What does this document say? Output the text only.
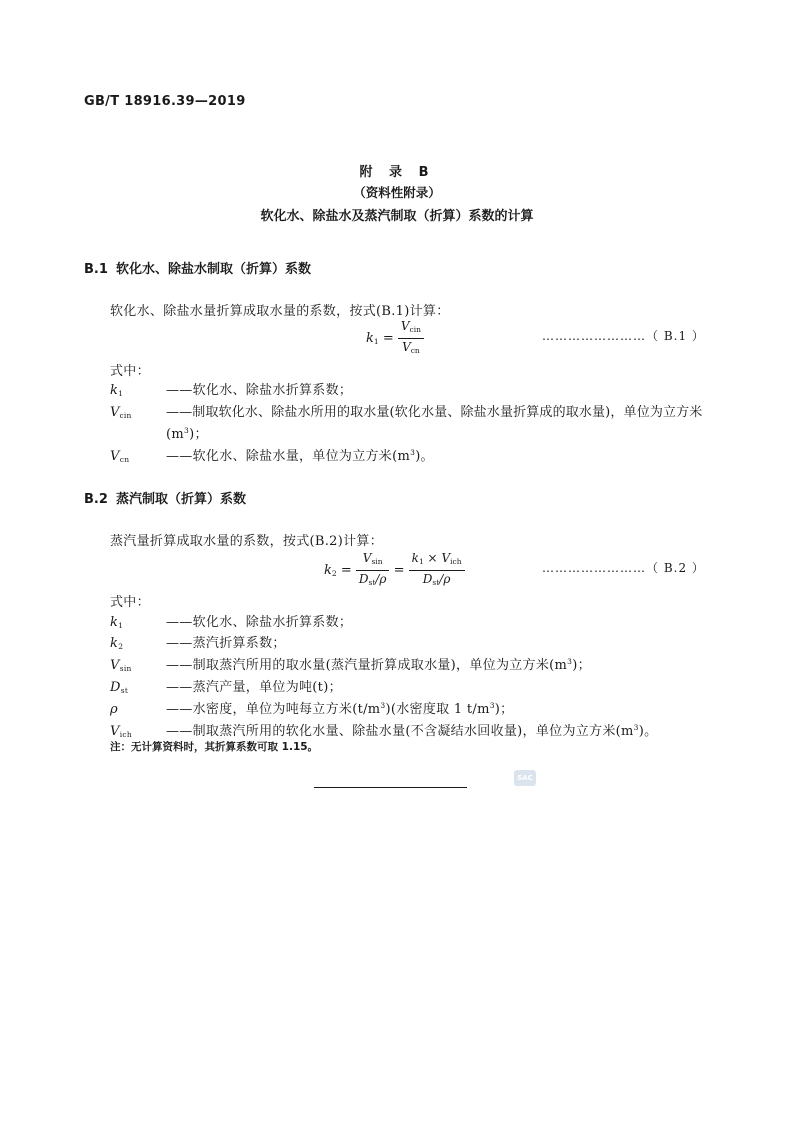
GB/T 18916.39—2019
附 录 B
（资料性附录）
软化水、除盐水及蒸汽制取（折算）系数的计算
B.1 软化水、除盐水制取（折算）系数
软化水、除盐水量折算成取水量的系数，按式(B.1)计算：
$k_1 = \frac{V_{cin}}{V_{cn}}$	……………………（ B.1 ）
式中：
$k_1$	——软化水、除盐水折算系数；
$V_{cin}$	——制取软化水、除盐水所用的取水量(软化水量、除盐水量折算成的取水量)，单位为立方米
$(m^3)$；
$V_{cn}$	——软化水、除盐水量，单位为立方米$(m^3)$。
B.2 蒸汽制取（折算）系数
蒸汽量折算成取水量的系数，按式(B.2)计算：
$k_2 = \frac{V_{sin}}{D_{st}/\rho} = \frac{k_1 \times V_{ich}}{D_{st}/\rho}$	……………………（ B.2 ）
式中：
$k_1$	——软化水、除盐水折算系数；
$k_2$	——蒸汽折算系数；
$V_{sin}$	——制取蒸汽所用的取水量(蒸汽量折算成取水量)，单位为立方米$(m^3)$；
$D_{st}$	——蒸汽产量，单位为吨(t)；
ρ	——水密度，单位为吨每立方米$(t/m^3)$(水密度取 1 $t/m^3$)；
$V_{ich}$	——制取蒸汽所用的软化水量、除盐水量(不含凝结水回收量)，单位为立方米$(m^3)$。
注：无计算资料时，其折算系数可取 1.15。
SAC
